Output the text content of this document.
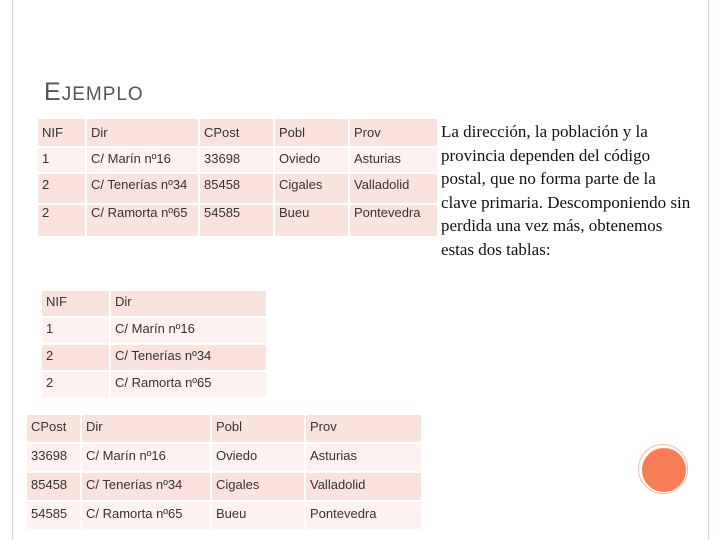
EJEMPLO
NIF	Dir	CPost	Pobl	Prov
1	C/ Marín nº16	33698	Oviedo	Asturias
2	C/ Tenerías nº34	85458	Cigales	Valladolid
2	C/ Ramorta nº65	54585	Bueu	Pontevedra
NIF	Dir
1	C/ Marín nº16
2	C/ Tenerías nº34
2	C/ Ramorta nº65
CPost	Dir	Pobl	Prov
33698	C/ Marín nº16	Oviedo	Asturias
85458	C/ Tenerías nº34	Cigales	Valladolid
54585	C/ Ramorta nº65	Bueu	Pontevedra
La dirección, la población y la provincia dependen del código postal, que no forma parte de la clave primaria. Descomponiendo sin perdida una vez más, obtenemos estas dos tablas:
